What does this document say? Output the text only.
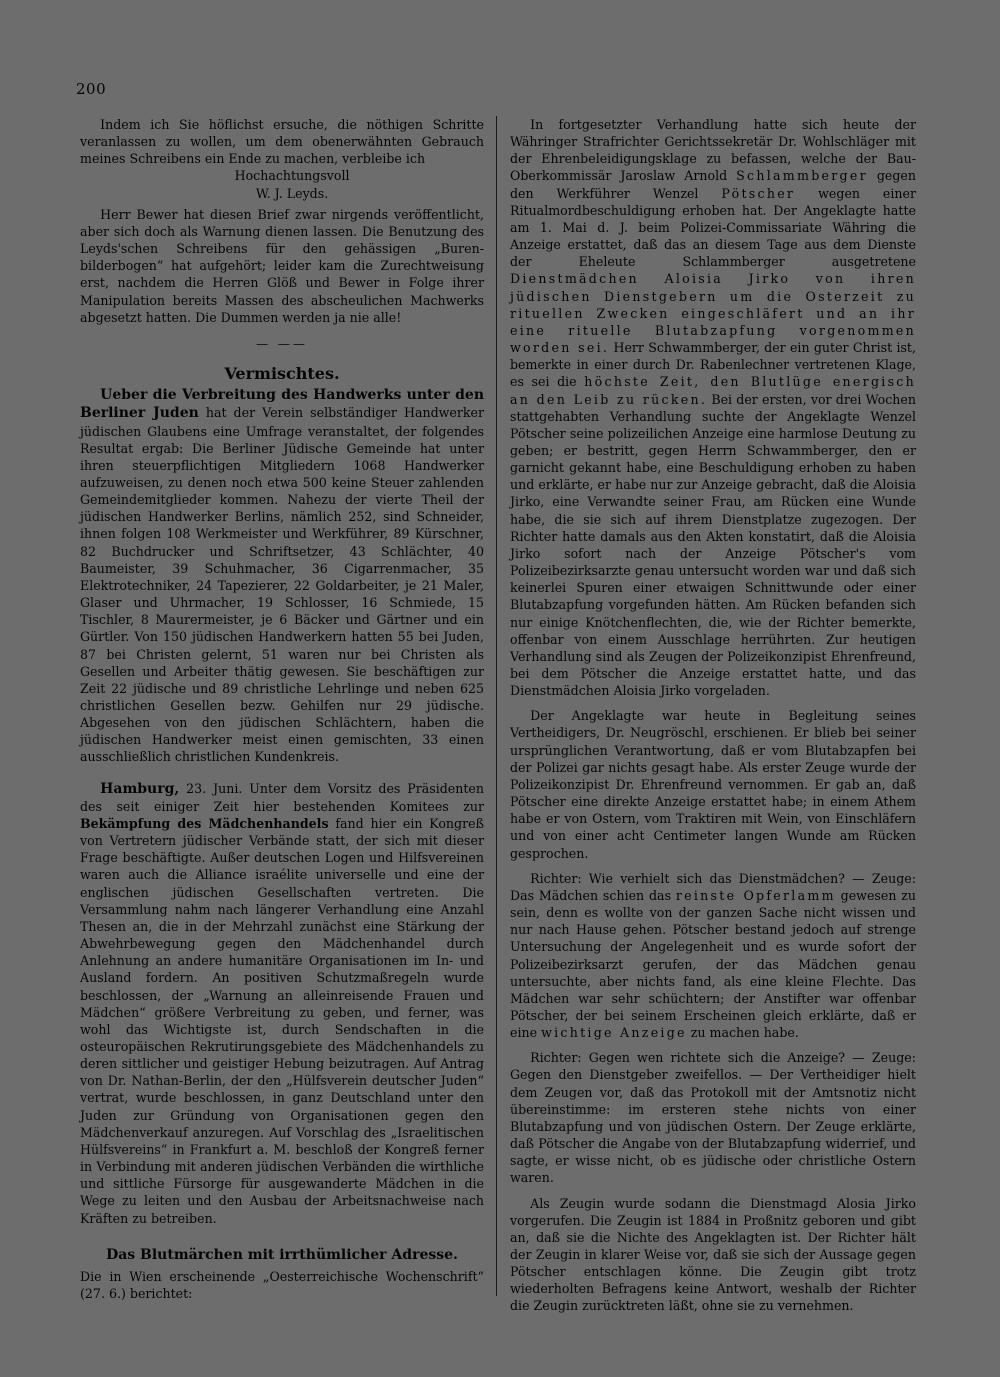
200

Indem ich Sie höflichst ersuche, die nöthigen Schritte veranlassen zu wollen, um dem obenerwähnten Gebrauch meines Schreibens ein Ende zu machen, verbleibe ich

Hochachtungsvoll

W. J. Leyds.

Herr Bewer hat diesen Brief zwar nirgends veröffentlicht, aber sich doch als Warnung dienen lassen. Die Benutzung des Leyds'schen Schreibens für den gehässigen „Buren-bilderbogen“ hat aufgehört; leider kam die Zurechtweisung erst, nachdem die Herren Glöß und Bewer in Folge ihrer Manipulation bereits Massen des abscheulichen Machwerks abgesetzt hatten. Die Dummen werden ja nie alle!

— ——
Vermischtes.

Ueber die Verbreitung des Handwerks unter den Berliner Juden hat der Verein selbständiger Handwerker jüdischen Glaubens eine Umfrage veranstaltet, der folgendes Resultat ergab: Die Berliner Jüdische Gemeinde hat unter ihren steuerpflichtigen Mitgliedern 1068 Handwerker aufzuweisen, zu denen noch etwa 500 keine Steuer zahlenden Gemeindemitglieder kommen. Nahezu der vierte Theil der jüdischen Handwerker Berlins, nämlich 252, sind Schneider, ihnen folgen 108 Werkmeister und Werkführer, 89 Kürschner, 82 Buchdrucker und Schriftsetzer, 43 Schlächter, 40 Baumeister, 39 Schuhmacher, 36 Cigarrenmacher, 35 Elektrotechniker, 24 Tapezierer, 22 Goldarbeiter, je 21 Maler, Glaser und Uhrmacher, 19 Schlosser, 16 Schmiede, 15 Tischler, 8 Maurermeister, je 6 Bäcker und Gärtner und ein Gürtler. Von 150 jüdischen Handwerkern hatten 55 bei Juden, 87 bei Christen gelernt, 51 waren nur bei Christen als Gesellen und Arbeiter thätig gewesen. Sie beschäftigen zur Zeit 22 jüdische und 89 christliche Lehrlinge und neben 625 christlichen Gesellen bezw. Gehilfen nur 29 jüdische. Abgesehen von den jüdischen Schlächtern, haben die jüdischen Handwerker meist einen gemischten, 33 einen ausschließlich christlichen Kundenkreis.

Hamburg, 23. Juni. Unter dem Vorsitz des Präsidenten des seit einiger Zeit hier bestehenden Komitees zur Bekämpfung des Mädchenhandels fand hier ein Kongreß von Vertretern jüdischer Verbände statt, der sich mit dieser Frage beschäftigte. Außer deutschen Logen und Hilfsvereinen waren auch die Alliance israélite universelle und eine der englischen jüdischen Gesellschaften vertreten. Die Versammlung nahm nach längerer Verhandlung eine Anzahl Thesen an, die in der Mehrzahl zunächst eine Stärkung der Abwehrbewegung gegen den Mädchenhandel durch Anlehnung an andere humanitäre Organisationen im In- und Ausland fordern. An positiven Schutzmaßregeln wurde beschlossen, der „Warnung an alleinreisende Frauen und Mädchen“ größere Verbreitung zu geben, und ferner, was wohl das Wichtigste ist, durch Sendschaften in die osteuropäischen Rekrutirungsgebiete des Mädchenhandels zu deren sittlicher und geistiger Hebung beizutragen. Auf Antrag von Dr. Nathan-Berlin, der den „Hülfsverein deutscher Juden“ vertrat, wurde beschlossen, in ganz Deutschland unter den Juden zur Gründung von Organisationen gegen den Mädchenverkauf anzuregen. Auf Vorschlag des „Israelitischen Hülfsvereins“ in Frankfurt a. M. beschloß der Kongreß ferner in Verbindung mit anderen jüdischen Verbänden die wirthliche und sittliche Fürsorge für ausgewanderte Mädchen in die Wege zu leiten und den Ausbau der Arbeitsnachweise nach Kräften zu betreiben.

Das Blutmärchen mit irrthümlicher Adresse.

Die in Wien erscheinende „Oesterreichische Wochenschrift“ (27. 6.) berichtet:

In fortgesetzter Verhandlung hatte sich heute der Währinger Strafrichter Gerichtssekretär Dr. Wohlschläger mit der Ehrenbeleidigungsklage zu befassen, welche der Bau-Oberkommissär Jaroslaw Arnold Schlammberger gegen den Werkführer Wenzel Pötscher wegen einer Ritualmordbeschuldigung erhoben hat. Der Angeklagte hatte am 1. Mai d. J. beim Polizei-Commissariate Währing die Anzeige erstattet, daß das an diesem Tage aus dem Dienste der Eheleute Schlammberger ausgetretene Dienstmädchen Aloisia Jirko von ihren jüdischen Dienstgebern um die Osterzeit zu rituellen Zwecken eingeschläfert und an ihr eine rituelle Blutabzapfung vorgenommen worden sei. Herr Schwammberger, der ein guter Christ ist, bemerkte in einer durch Dr. Rabenlechner vertretenen Klage, es sei die höchste Zeit, den Blutlüge energisch an den Leib zu rücken. Bei der ersten, vor drei Wochen stattgehabten Verhandlung suchte der Angeklagte Wenzel Pötscher seine polizeilichen Anzeige eine harmlose Deutung zu geben; er bestritt, gegen Herrn Schwammberger, den er garnicht gekannt habe, eine Beschuldigung erhoben zu haben und erklärte, er habe nur zur Anzeige gebracht, daß die Aloisia Jirko, eine Verwandte seiner Frau, am Rücken eine Wunde habe, die sie sich auf ihrem Dienstplatze zugezogen. Der Richter hatte damals aus den Akten konstatirt, daß die Aloisia Jirko sofort nach der Anzeige Pötscher's vom Polizeibezirksarzte genau untersucht worden war und daß sich keinerlei Spuren einer etwaigen Schnittwunde oder einer Blutabzapfung vorgefunden hätten. Am Rücken befanden sich nur einige Knötchenflechten, die, wie der Richter bemerkte, offenbar von einem Ausschlage herrührten. Zur heutigen Verhandlung sind als Zeugen der Polizeikonzipist Ehrenfreund, bei dem Pötscher die Anzeige erstattet hatte, und das Dienstmädchen Aloisia Jirko vorgeladen.

Der Angeklagte war heute in Begleitung seines Vertheidigers, Dr. Neugröschl, erschienen. Er blieb bei seiner ursprünglichen Verantwortung, daß er vom Blutabzapfen bei der Polizei gar nichts gesagt habe. Als erster Zeuge wurde der Polizeikonzipist Dr. Ehrenfreund vernommen. Er gab an, daß Pötscher eine direkte Anzeige erstattet habe; in einem Athem habe er von Ostern, vom Traktiren mit Wein, von Einschläfern und von einer acht Centimeter langen Wunde am Rücken gesprochen.

Richter: Wie verhielt sich das Dienstmädchen? — Zeuge: Das Mädchen schien das reinste Opferlamm gewesen zu sein, denn es wollte von der ganzen Sache nicht wissen und nur nach Hause gehen. Pötscher bestand jedoch auf strenge Untersuchung der Angelegenheit und es wurde sofort der Polizeibezirksarzt gerufen, der das Mädchen genau untersuchte, aber nichts fand, als eine kleine Flechte. Das Mädchen war sehr schüchtern; der Anstifter war offenbar Pötscher, der bei seinem Erscheinen gleich erklärte, daß er eine wichtige Anzeige zu machen habe.

Richter: Gegen wen richtete sich die Anzeige? — Zeuge: Gegen den Dienstgeber zweifellos. — Der Vertheidiger hielt dem Zeugen vor, daß das Protokoll mit der Amtsnotiz nicht übereinstimme: im ersteren stehe nichts von einer Blutabzapfung und von jüdischen Ostern. Der Zeuge erklärte, daß Pötscher die Angabe von der Blutabzapfung widerrief, und sagte, er wisse nicht, ob es jüdische oder christliche Ostern waren.

Als Zeugin wurde sodann die Dienstmagd Alosia Jirko vorgerufen. Die Zeugin ist 1884 in Proßnitz geboren und gibt an, daß sie die Nichte des Angeklagten ist. Der Richter hält der Zeugin in klarer Weise vor, daß sie sich der Aussage gegen Pötscher entschlagen könne. Die Zeugin gibt trotz wiederholten Befragens keine Antwort, weshalb der Richter die Zeugin zurücktreten läßt, ohne sie zu vernehmen.
